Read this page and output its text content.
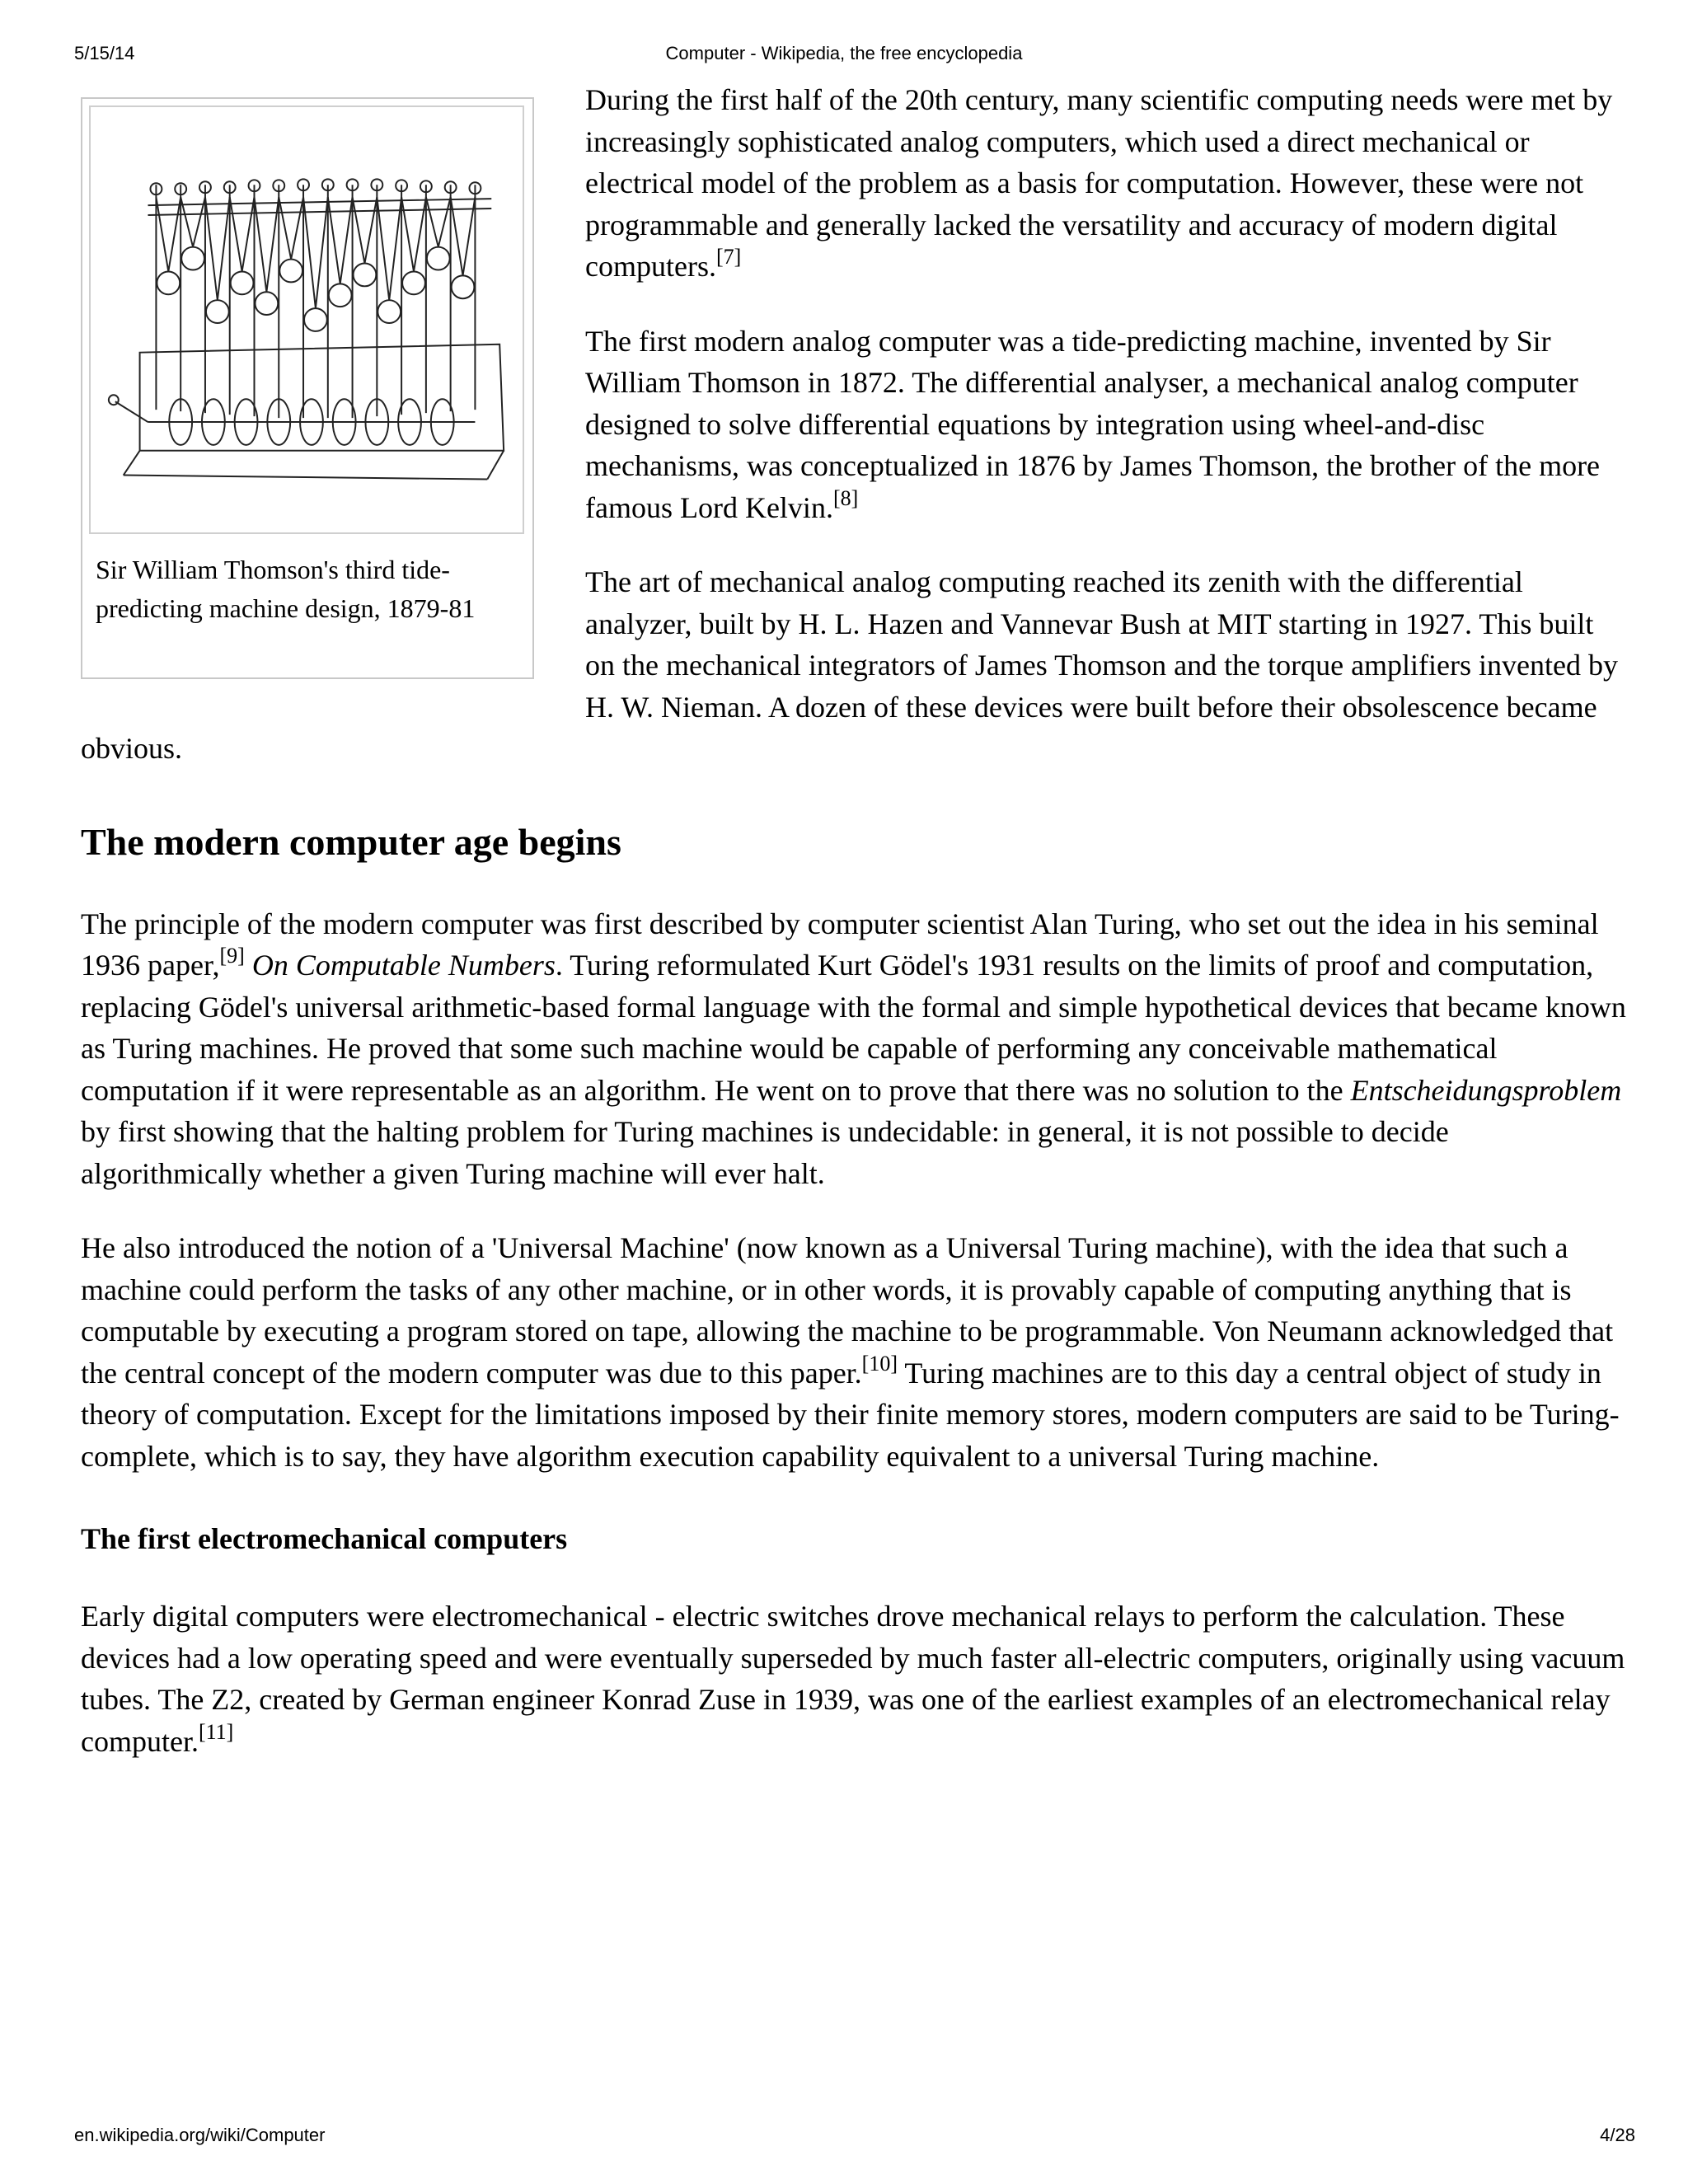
5/15/14	Computer - Wikipedia, the free encyclopedia
Sir William Thomson's third tide-predicting machine design, 1879-81

During the first half of the 20th century, many scientific computing needs were met by increasingly sophisticated analog computers, which used a direct mechanical or electrical model of the problem as a basis for computation. However, these were not programmable and generally lacked the versatility and accuracy of modern digital computers.[7]

The first modern analog computer was a tide-predicting machine, invented by Sir William Thomson in 1872. The differential analyser, a mechanical analog computer designed to solve differential equations by integration using wheel-and-disc mechanisms, was conceptualized in 1876 by James Thomson, the brother of the more famous Lord Kelvin.[8]

The art of mechanical analog computing reached its zenith with the differential analyzer, built by H. L. Hazen and Vannevar Bush at MIT starting in 1927. This built on the mechanical integrators of James Thomson and the torque amplifiers invented by H. W. Nieman. A dozen of these devices were built before their obsolescence became obvious.

The modern computer age begins

The principle of the modern computer was first described by computer scientist Alan Turing, who set out the idea in his seminal 1936 paper,[9] On Computable Numbers. Turing reformulated Kurt Gödel's 1931 results on the limits of proof and computation, replacing Gödel's universal arithmetic-based formal language with the formal and simple hypothetical devices that became known as Turing machines. He proved that some such machine would be capable of performing any conceivable mathematical computation if it were representable as an algorithm. He went on to prove that there was no solution to the Entscheidungsproblem by first showing that the halting problem for Turing machines is undecidable: in general, it is not possible to decide algorithmically whether a given Turing machine will ever halt.

He also introduced the notion of a 'Universal Machine' (now known as a Universal Turing machine), with the idea that such a machine could perform the tasks of any other machine, or in other words, it is provably capable of computing anything that is computable by executing a program stored on tape, allowing the machine to be programmable. Von Neumann acknowledged that the central concept of the modern computer was due to this paper.[10] Turing machines are to this day a central object of study in theory of computation. Except for the limitations imposed by their finite memory stores, modern computers are said to be Turing-complete, which is to say, they have algorithm execution capability equivalent to a universal Turing machine.

The first electromechanical computers

Early digital computers were electromechanical - electric switches drove mechanical relays to perform the calculation. These devices had a low operating speed and were eventually superseded by much faster all-electric computers, originally using vacuum tubes. The Z2, created by German engineer Konrad Zuse in 1939, was one of the earliest examples of an electromechanical relay computer.[11]

en.wikipedia.org/wiki/Computer	4/28
